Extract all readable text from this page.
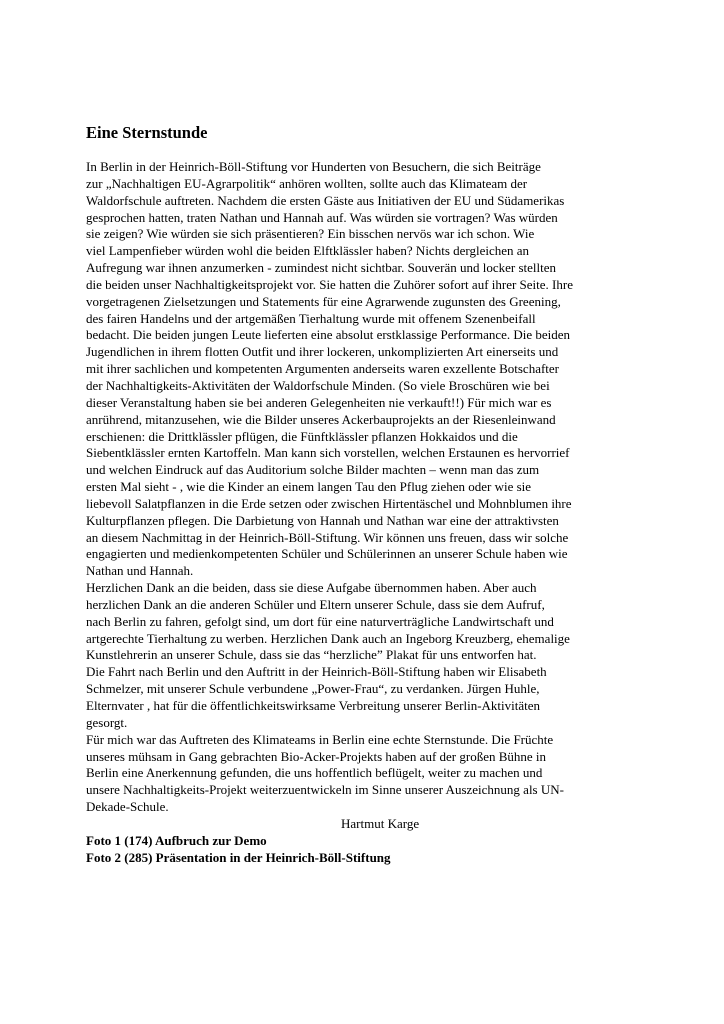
Eine Sternstunde
In Berlin in der Heinrich-Böll-Stiftung vor Hunderten von Besuchern, die sich Beiträge
zur „Nachhaltigen EU-Agrarpolitik“ anhören wollten, sollte auch das Klimateam der
Waldorfschule auftreten. Nachdem die ersten Gäste aus Initiativen der EU und Südamerikas
gesprochen hatten, traten Nathan und Hannah auf. Was würden sie vortragen? Was würden
sie zeigen? Wie würden sie sich präsentieren? Ein bisschen nervös war ich schon. Wie
viel Lampenfieber würden wohl die beiden Elftklässler haben? Nichts dergleichen an
Aufregung war ihnen anzumerken - zumindest nicht sichtbar. Souverän und locker stellten
die beiden unser Nachhaltigkeitsprojekt vor. Sie hatten die Zuhörer sofort auf ihrer Seite. Ihre
vorgetragenen Zielsetzungen und Statements für eine Agrarwende zugunsten des Greening,
des fairen Handelns und der artgemäßen Tierhaltung wurde mit offenem Szenenbeifall
bedacht. Die beiden jungen Leute lieferten eine absolut erstklassige Performance. Die beiden
Jugendlichen in ihrem flotten Outfit und ihrer lockeren, unkomplizierten Art einerseits und
mit ihrer sachlichen und kompetenten Argumenten anderseits waren exzellente Botschafter
der Nachhaltigkeits-Aktivitäten der Waldorfschule Minden. (So viele Broschüren wie bei
dieser Veranstaltung haben sie bei anderen Gelegenheiten nie verkauft!!) Für mich war es
anrührend, mitanzusehen, wie die Bilder unseres Ackerbauprojekts an der Riesenleinwand
erschienen: die Drittklässler pflügen, die Fünftklässler pflanzen Hokkaidos und die
Siebentklässler ernten Kartoffeln. Man kann sich vorstellen, welchen Erstaunen es hervorrief
und welchen Eindruck auf das Auditorium solche Bilder machten – wenn man das zum
ersten Mal sieht - , wie die Kinder an einem langen Tau den Pflug ziehen oder wie sie
liebevoll Salatpflanzen in die Erde setzen oder zwischen Hirtentäschel und Mohnblumen ihre
Kulturpflanzen pflegen. Die Darbietung von Hannah und Nathan war eine der attraktivsten
an diesem Nachmittag in der Heinrich-Böll-Stiftung. Wir können uns freuen, dass wir solche
engagierten und medienkompetenten Schüler und Schülerinnen an unserer Schule haben wie
Nathan und Hannah.
Herzlichen Dank an die beiden, dass sie diese Aufgabe übernommen haben. Aber auch
herzlichen Dank an die anderen Schüler und Eltern unserer Schule, dass sie dem Aufruf,
nach Berlin zu fahren, gefolgt sind, um dort für eine naturverträgliche Landwirtschaft und
artgerechte Tierhaltung zu werben. Herzlichen Dank auch an Ingeborg Kreuzberg, ehemalige
Kunstlehrerin an unserer Schule, dass sie das “herzliche” Plakat für uns entworfen hat.
Die Fahrt nach Berlin und den Auftritt in der Heinrich-Böll-Stiftung haben wir Elisabeth
Schmelzer, mit unserer Schule verbundene „Power-Frau“, zu verdanken. Jürgen Huhle,
Elternvater , hat für die öffentlichkeitswirksame Verbreitung unserer Berlin-Aktivitäten
gesorgt.
Für mich war das Auftreten des Klimateams in Berlin eine echte Sternstunde. Die Früchte
unseres mühsam in Gang gebrachten Bio-Acker-Projekts haben auf der großen Bühne in
Berlin eine Anerkennung gefunden, die uns hoffentlich beflügelt, weiter zu machen und
unsere Nachhaltigkeits-Projekt weiterzuentwickeln im Sinne unserer Auszeichnung als UN-
Dekade-Schule.
Hartmut Karge
Foto 1 (174) Aufbruch zur Demo
Foto 2 (285) Präsentation in der Heinrich-Böll-Stiftung
